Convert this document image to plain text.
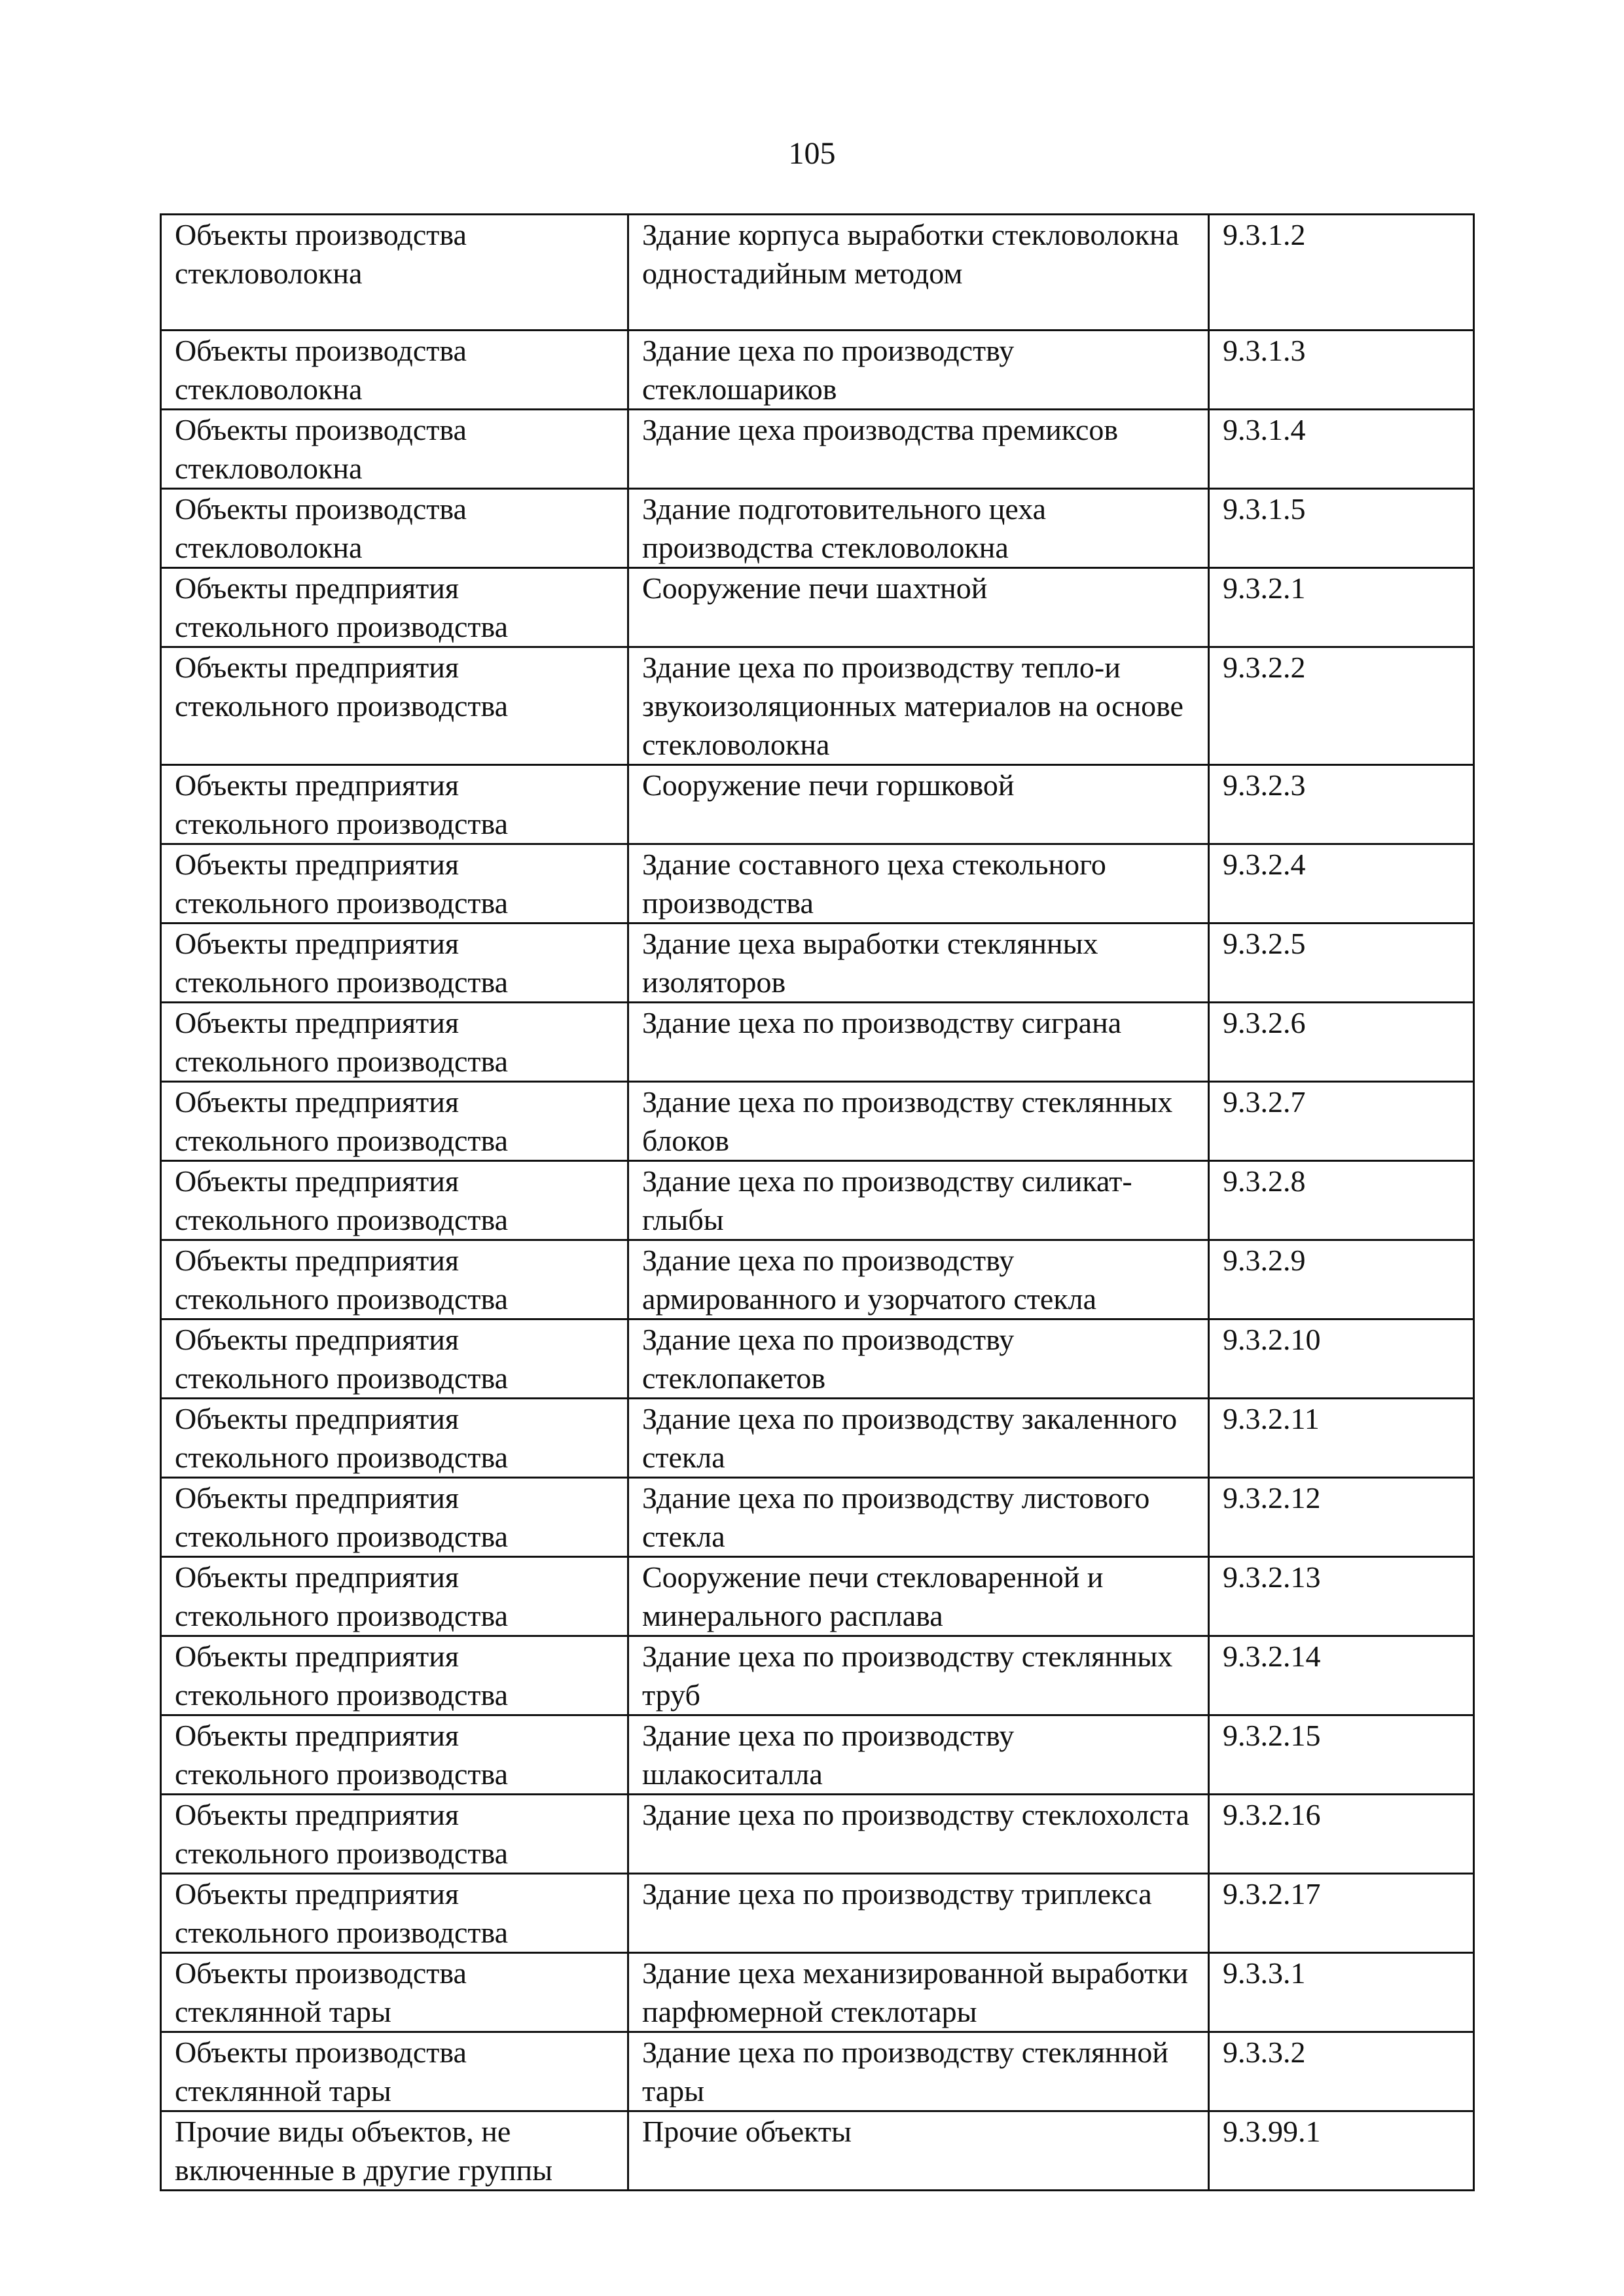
105
Объекты производства стекловолокна	Здание корпуса выработки стекловолокна одностадийным методом	9.3.1.2
Объекты производства стекловолокна	Здание цеха по производству стеклошариков	9.3.1.3
Объекты производства стекловолокна	Здание цеха производства премиксов	9.3.1.4
Объекты производства стекловолокна	Здание подготовительного цеха производства стекловолокна	9.3.1.5
Объекты предприятия стекольного производства	Сооружение печи шахтной	9.3.2.1
Объекты предприятия стекольного производства	Здание цеха по производству тепло-и звукоизоляционных материалов на основе стекловолокна	9.3.2.2
Объекты предприятия стекольного производства	Сооружение печи горшковой	9.3.2.3
Объекты предприятия стекольного производства	Здание составного цеха стекольного производства	9.3.2.4
Объекты предприятия стекольного производства	Здание цеха выработки стеклянных изоляторов	9.3.2.5
Объекты предприятия стекольного производства	Здание цеха по производству сиграна	9.3.2.6
Объекты предприятия стекольного производства	Здание цеха по производству стеклянных блоков	9.3.2.7
Объекты предприятия стекольного производства	Здание цеха по производству силикат-глыбы	9.3.2.8
Объекты предприятия стекольного производства	Здание цеха по производству армированного и узорчатого стекла	9.3.2.9
Объекты предприятия стекольного производства	Здание цеха по производству стеклопакетов	9.3.2.10
Объекты предприятия стекольного производства	Здание цеха по производству закаленного стекла	9.3.2.11
Объекты предприятия стекольного производства	Здание цеха по производству листового стекла	9.3.2.12
Объекты предприятия стекольного производства	Сооружение печи стекловаренной и минерального расплава	9.3.2.13
Объекты предприятия стекольного производства	Здание цеха по производству стеклянных труб	9.3.2.14
Объекты предприятия стекольного производства	Здание цеха по производству шлакоситалла	9.3.2.15
Объекты предприятия стекольного производства	Здание цеха по производству стеклохолста	9.3.2.16
Объекты предприятия стекольного производства	Здание цеха по производству триплекса	9.3.2.17
Объекты производства стеклянной тары	Здание цеха механизированной выработки парфюмерной стеклотары	9.3.3.1
Объекты производства стеклянной тары	Здание цеха по производству стеклянной тары	9.3.3.2
Прочие виды объектов, не включенные в другие группы	Прочие объекты	9.3.99.1
